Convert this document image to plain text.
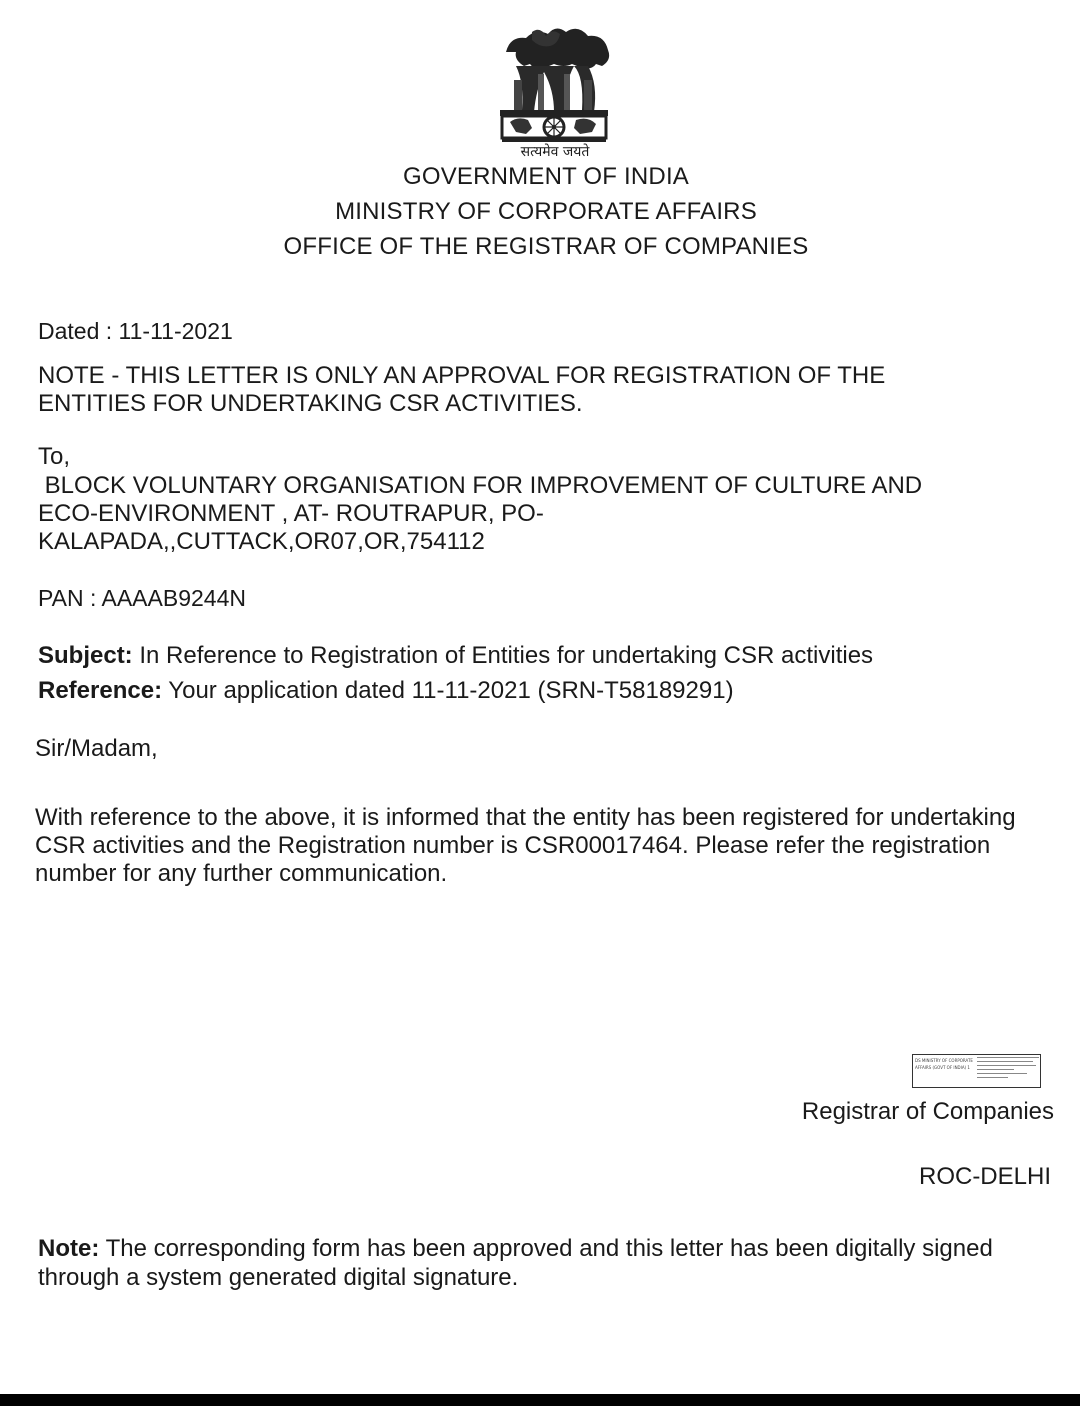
सत्यमेव जयते
GOVERNMENT OF INDIA
MINISTRY OF CORPORATE AFFAIRS
OFFICE OF THE REGISTRAR OF COMPANIES
Dated : 11-11-2021
NOTE - THIS LETTER IS ONLY AN APPROVAL FOR REGISTRATION OF THE
ENTITIES FOR UNDERTAKING CSR ACTIVITIES.
To,
BLOCK VOLUNTARY ORGANISATION FOR IMPROVEMENT OF CULTURE AND
ECO-ENVIRONMENT , AT- ROUTRAPUR, PO-
KALAPADA,,CUTTACK,OR07,OR,754112
PAN : AAAAB9244N
Subject: In Reference to Registration of Entities for undertaking CSR activities
Reference: Your application dated 11-11-2021 (SRN-T58189291)
Sir/Madam,
With reference to the above, it is informed that the entity has been registered for undertaking
CSR activities and the Registration number is CSR00017464. Please refer the registration
number for any further communication.
DS MINISTRY OF CORPORATE
AFFAIRS (GOVT OF INDIA) 1
Registrar of Companies
ROC-DELHI
Note: The corresponding form has been approved and this letter has been digitally signed
through a system generated digital signature.
